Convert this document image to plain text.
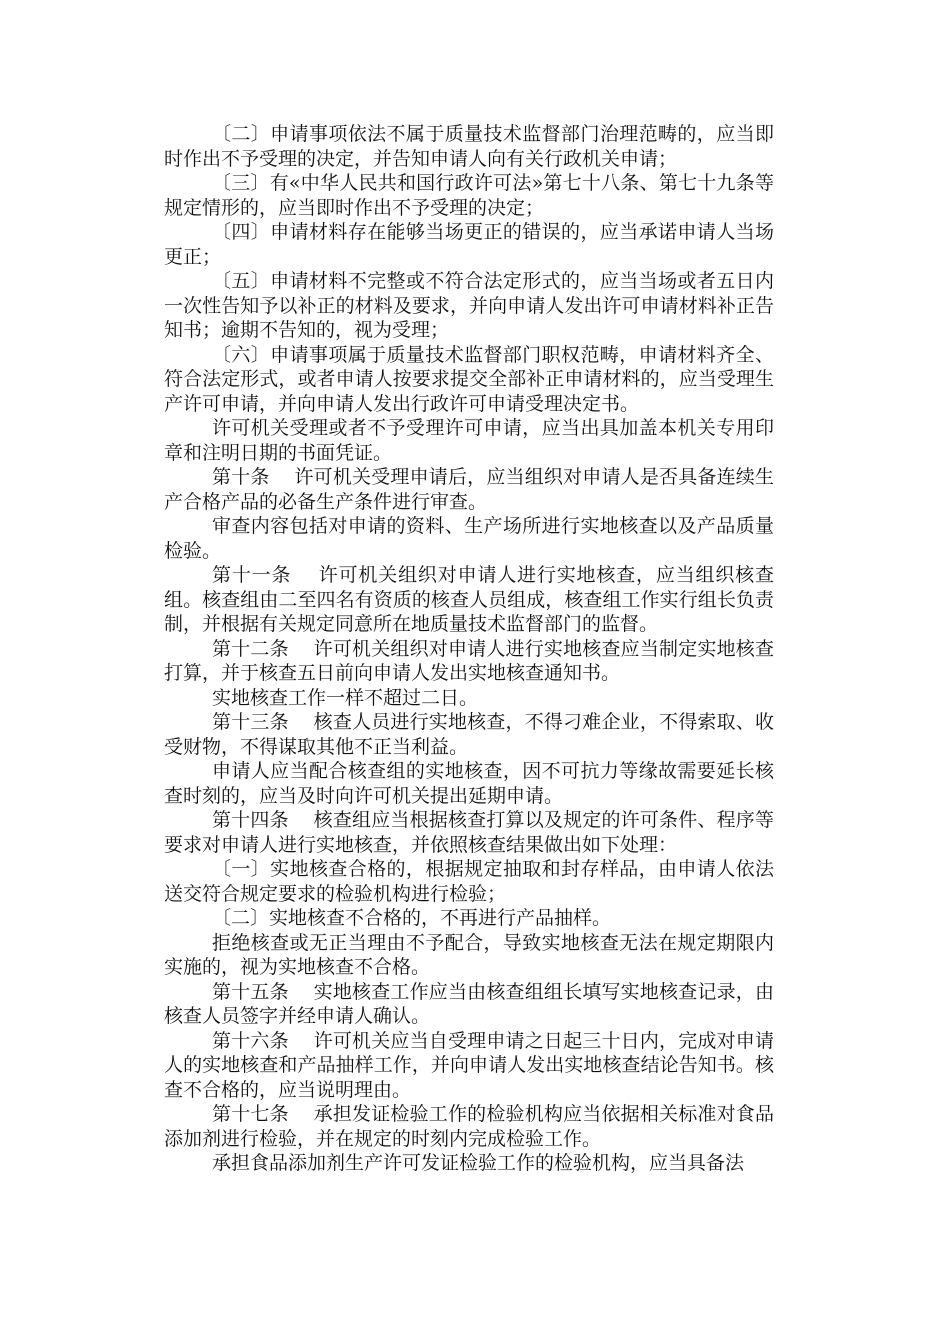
〔二〕申请事项依法不属于质量技术监督部门治理范畴的，应当即时作出不予受理的决定，并告知申请人向有关行政机关申请；

〔三〕有«中华人民共和国行政许可法»第七十八条、第七十九条等规定情形的，应当即时作出不予受理的决定；

〔四〕申请材料存在能够当场更正的错误的，应当承诺申请人当场更正；

〔五〕申请材料不完整或不符合法定形式的，应当当场或者五日内一次性告知予以补正的材料及要求，并向申请人发出许可申请材料补正告知书；逾期不告知的，视为受理；

〔六〕申请事项属于质量技术监督部门职权范畴，申请材料齐全、符合法定形式，或者申请人按要求提交全部补正申请材料的，应当受理生产许可申请，并向申请人发出行政许可申请受理决定书。

许可机关受理或者不予受理许可申请，应当出具加盖本机关专用印章和注明日期的书面凭证。

第十条    许可机关受理申请后，应当组织对申请人是否具备连续生产合格产品的必备生产条件进行审查。

审查内容包括对申请的资料、生产场所进行实地核查以及产品质量检验。

第十一条    许可机关组织对申请人进行实地核查，应当组织核查组。核查组由二至四名有资质的核查人员组成，核查组工作实行组长负责制，并根据有关规定同意所在地质量技术监督部门的监督。

第十二条    许可机关组织对申请人进行实地核查应当制定实地核查打算，并于核查五日前向申请人发出实地核查通知书。

实地核查工作一样不超过二日。

第十三条    核查人员进行实地核查，不得刁难企业，不得索取、收受财物，不得谋取其他不正当利益。

申请人应当配合核查组的实地核查，因不可抗力等缘故需要延长核查时刻的，应当及时向许可机关提出延期申请。

第十四条    核查组应当根据核查打算以及规定的许可条件、程序等要求对申请人进行实地核查，并依照核查结果做出如下处理：

〔一〕实地核查合格的，根据规定抽取和封存样品，由申请人依法送交符合规定要求的检验机构进行检验；

〔二〕实地核查不合格的，不再进行产品抽样。

拒绝核查或无正当理由不予配合，导致实地核查无法在规定期限内实施的，视为实地核查不合格。

第十五条    实地核查工作应当由核查组组长填写实地核查记录，由核查人员签字并经申请人确认。

第十六条    许可机关应当自受理申请之日起三十日内，完成对申请人的实地核查和产品抽样工作，并向申请人发出实地核查结论告知书。核查不合格的，应当说明理由。

第十七条    承担发证检验工作的检验机构应当依据相关标准对食品添加剂进行检验，并在规定的时刻内完成检验工作。

承担食品添加剂生产许可发证检验工作的检验机构，应当具备法
